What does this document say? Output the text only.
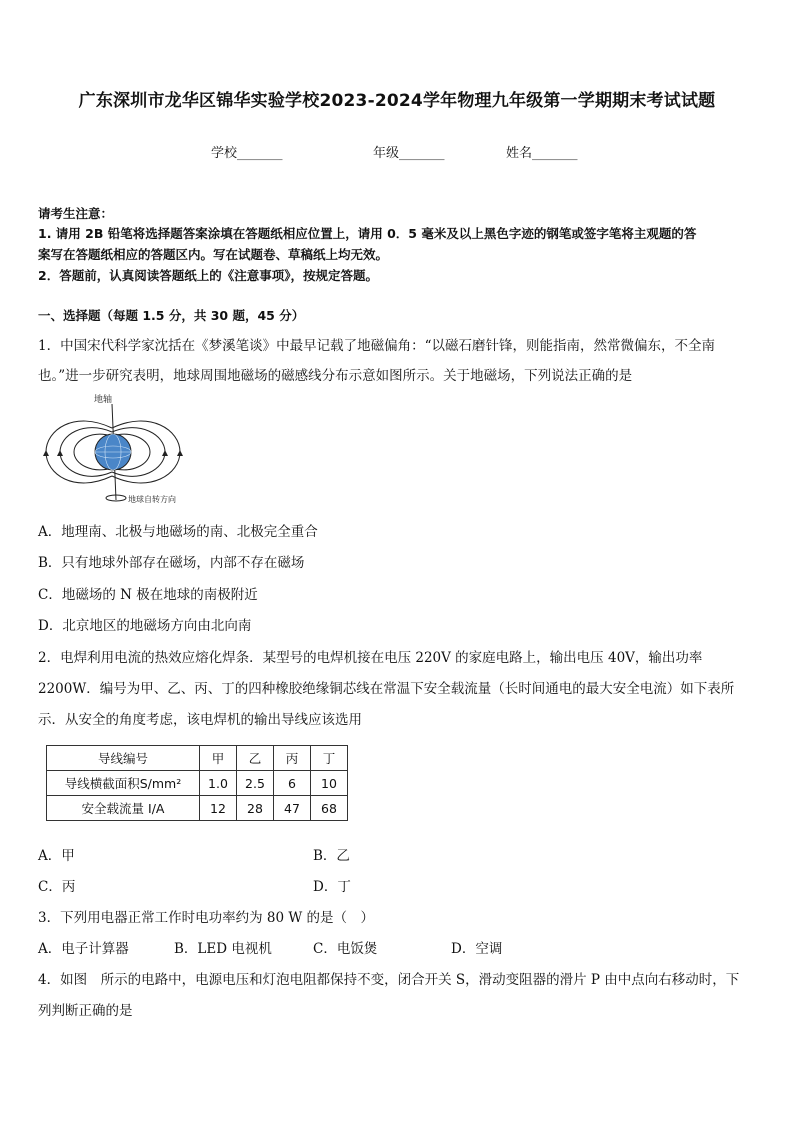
广东深圳市龙华区锦华实验学校2023-2024学年物理九年级第一学期期末考试试题
学校_______	年级_______	姓名_______
请考生注意：
1. 请用 2B 铅笔将选择题答案涂填在答题纸相应位置上，请用 0．5 毫米及以上黑色字迹的钢笔或签字笔将主观题的答
案写在答题纸相应的答题区内。写在试题卷、草稿纸上均无效。
2．答题前，认真阅读答题纸上的《注意事项》，按规定答题。
一、选择题（每题 1.5 分，共 30 题，45 分）
1．中国宋代科学家沈括在《梦溪笔谈》中最早记载了地磁偏角：“以磁石磨针锋，则能指南，然常微偏东，不全南
也。”进一步研究表明，地球周围地磁场的磁感线分布示意如图所示。关于地磁场，下列说法正确的是
地轴
地球自转方向
A．地理南、北极与地磁场的南、北极完全重合
B．只有地球外部存在磁场，内部不存在磁场
C．地磁场的 N 极在地球的南极附近
D．北京地区的地磁场方向由北向南
2．电焊利用电流的热效应熔化焊条．某型号的电焊机接在电压 220V 的家庭电路上，输出电压 40V，输出功率
2200W．编号为甲、乙、丙、丁的四种橡胶绝缘铜芯线在常温下安全载流量（长时间通电的最大安全电流）如下表所
示．从安全的角度考虑，该电焊机的输出导线应该选用
导线编号	甲	乙	丙	丁
导线横截面积S/mm²	1.0	2.5	6	10
安全载流量 I/A	12	28	47	68
A．甲	B．乙
C．丙	D．丁
3．下列用电器正常工作时电功率约为 80 W 的是（　）
A．电子计算器	B．LED 电视机	C．电饭煲	D．空调
4．如图　所示的电路中，电源电压和灯泡电阻都保持不变，闭合开关 S，滑动变阻器的滑片 P 由中点向右移动时，下
列判断正确的是
